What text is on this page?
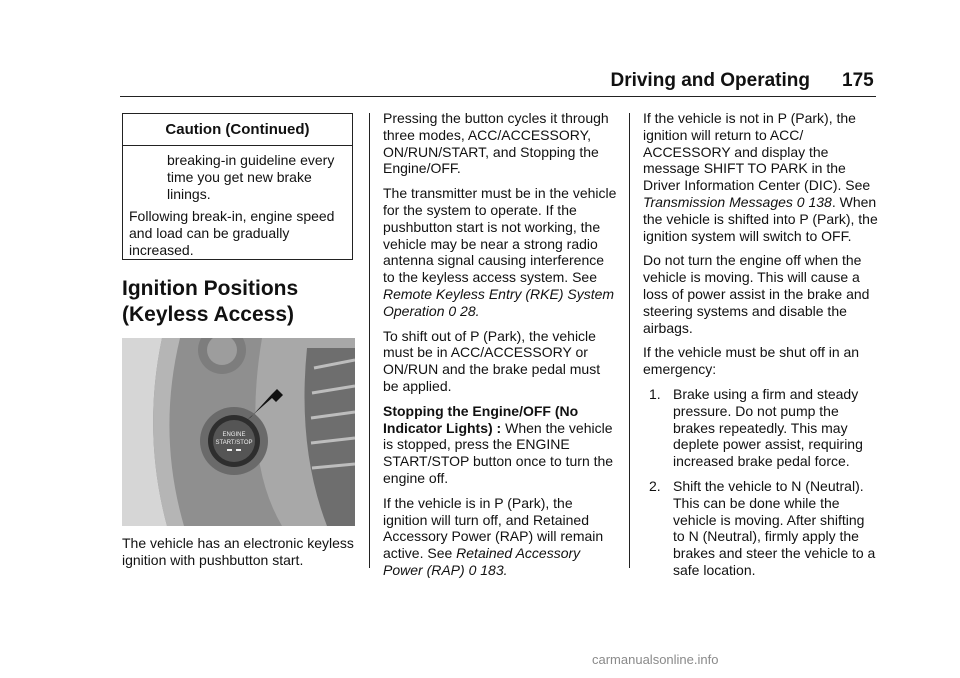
Driving and Operating 175
Caution (Continued)
breaking-in guideline every time you get new brake linings.
Following break-in, engine speed and load can be gradually increased.
Ignition Positions
(Keyless Access)
ENGINE
START/STOP

The vehicle has an electronic keyless ignition with pushbutton start.

Pressing the button cycles it through three modes, ACC/ACCESSORY, ON/RUN/START, and Stopping the Engine/OFF.

The transmitter must be in the vehicle for the system to operate. If the pushbutton start is not working, the vehicle may be near a strong radio antenna signal causing interference to the keyless access system. See Remote Keyless Entry (RKE) System Operation 0 28.

To shift out of P (Park), the vehicle must be in ACC/ACCESSORY or ON/RUN and the brake pedal must be applied.

Stopping the Engine/OFF (No Indicator Lights) : When the vehicle is stopped, press the ENGINE START/STOP button once to turn the engine off.

If the vehicle is in P (Park), the ignition will turn off, and Retained Accessory Power (RAP) will remain active. See Retained Accessory Power (RAP) 0 183.

If the vehicle is not in P (Park), the ignition will return to ACC/ ACCESSORY and display the message SHIFT TO PARK in the Driver Information Center (DIC). See Transmission Messages 0 138. When the vehicle is shifted into P (Park), the ignition system will switch to OFF.

Do not turn the engine off when the vehicle is moving. This will cause a loss of power assist in the brake and steering systems and disable the airbags.

If the vehicle must be shut off in an emergency:

1. Brake using a firm and steady pressure. Do not pump the brakes repeatedly. This may deplete power assist, requiring increased brake pedal force.
2. Shift the vehicle to N (Neutral). This can be done while the vehicle is moving. After shifting to N (Neutral), firmly apply the brakes and steer the vehicle to a safe location.
carmanualsonline.info
